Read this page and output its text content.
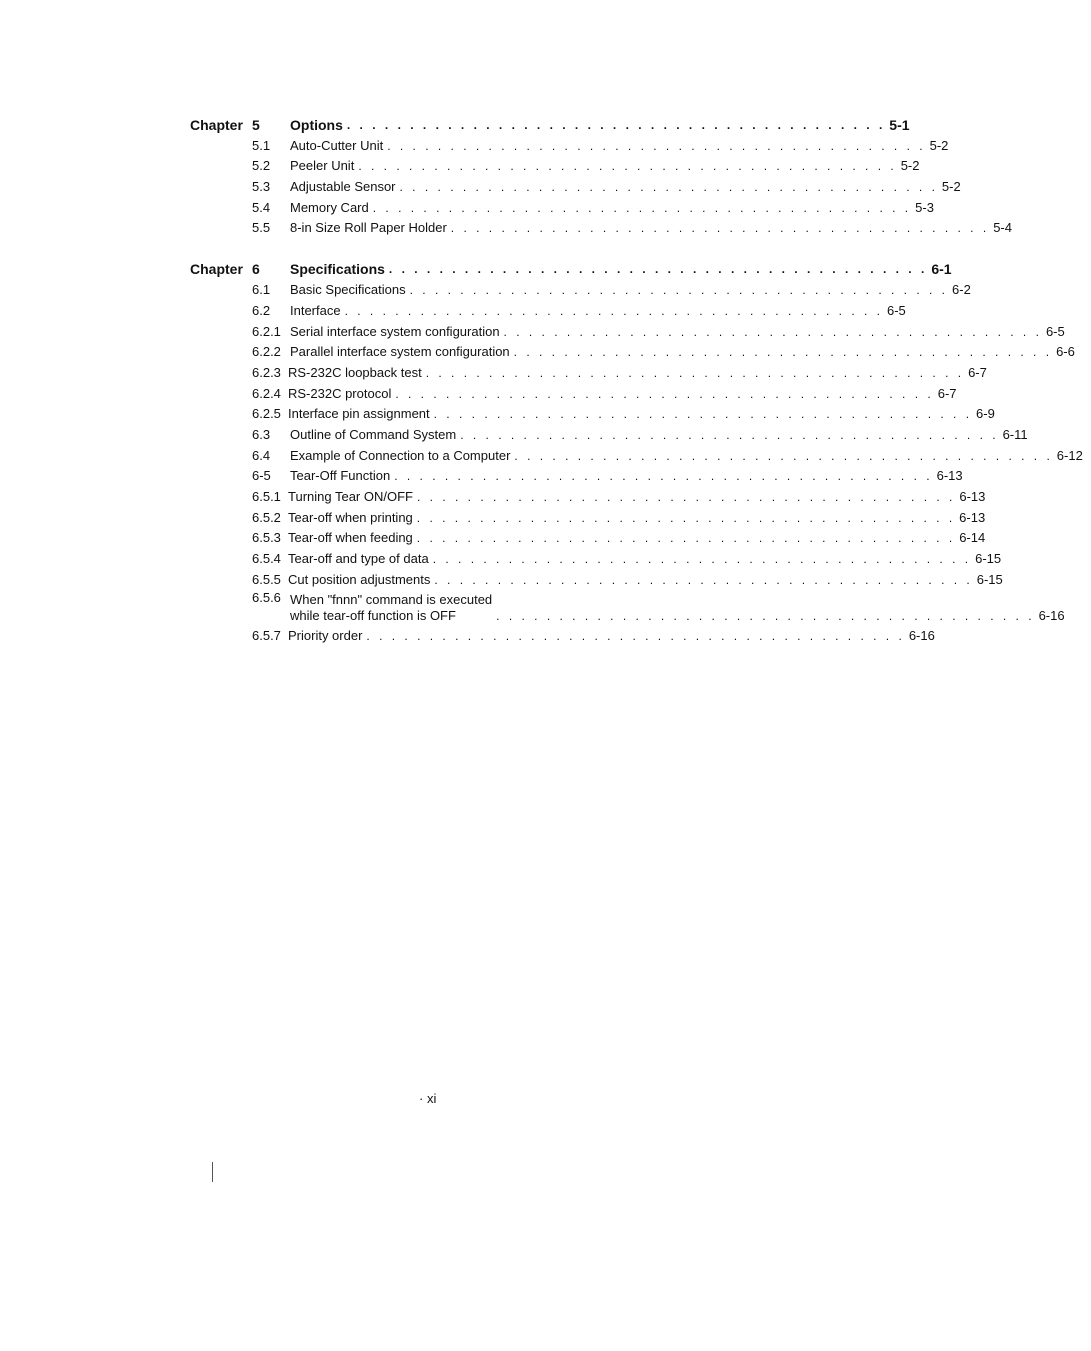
Chapter 5	Options . . . . . . . . . . . . . . . . . . . . . . . . . . . . . . . . . . . . . . . . . . . 5-1
5.1	Auto-Cutter Unit . . . . . . . . . . . . . . . . . . . . . . . . . . . . . . . . . . . . . . . . . . . 5-2
5.2	Peeler Unit . . . . . . . . . . . . . . . . . . . . . . . . . . . . . . . . . . . . . . . . . . . 5-2
5.3	Adjustable Sensor . . . . . . . . . . . . . . . . . . . . . . . . . . . . . . . . . . . . . . . . . . . 5-2
5.4	Memory Card . . . . . . . . . . . . . . . . . . . . . . . . . . . . . . . . . . . . . . . . . . . 5-3
5.5	8-in Size Roll Paper Holder . . . . . . . . . . . . . . . . . . . . . . . . . . . . . . . . . . . . . . . . . . . 5-4
Chapter 6	Specifications . . . . . . . . . . . . . . . . . . . . . . . . . . . . . . . . . . . . . . . . . . . 6-1
6.1	Basic Specifications . . . . . . . . . . . . . . . . . . . . . . . . . . . . . . . . . . . . . . . . . . . 6-2
6.2	Interface . . . . . . . . . . . . . . . . . . . . . . . . . . . . . . . . . . . . . . . . . . . 6-5
6.2.1 Serial interface system configuration . . . . . . . . . . . . . . . . . . . . . . . . . . . . . . . . . . . . . . . . . . . 6-5
6.2.2 Parallel interface system configuration . . . . . . . . . . . . . . . . . . . . . . . . . . . . . . . . . . . . . . . . . . . 6-6
6.2.3 RS-232C loopback test . . . . . . . . . . . . . . . . . . . . . . . . . . . . . . . . . . . . . . . . . . . 6-7
6.2.4 RS-232C protocol . . . . . . . . . . . . . . . . . . . . . . . . . . . . . . . . . . . . . . . . . . . 6-7
6.2.5 Interface pin assignment . . . . . . . . . . . . . . . . . . . . . . . . . . . . . . . . . . . . . . . . . . . 6-9
6.3	Outline of Command System . . . . . . . . . . . . . . . . . . . . . . . . . . . . . . . . . . . . . . . . . . . 6-11
6.4	Example of Connection to a Computer . . . . . . . . . . . . . . . . . . . . . . . . . . . . . . . . . . . . . . . . . . . 6-12
6-5	Tear-Off Function . . . . . . . . . . . . . . . . . . . . . . . . . . . . . . . . . . . . . . . . . . . 6-13
6.5.1 Turning Tear ON/OFF . . . . . . . . . . . . . . . . . . . . . . . . . . . . . . . . . . . . . . . . . . . 6-13
6.5.2 Tear-off when printing . . . . . . . . . . . . . . . . . . . . . . . . . . . . . . . . . . . . . . . . . . . 6-13
6.5.3 Tear-off when feeding . . . . . . . . . . . . . . . . . . . . . . . . . . . . . . . . . . . . . . . . . . . 6-14
6.5.4 Tear-off and type of data . . . . . . . . . . . . . . . . . . . . . . . . . . . . . . . . . . . . . . . . . . . 6-15
6.5.5 Cut position adjustments . . . . . . . . . . . . . . . . . . . . . . . . . . . . . . . . . . . . . . . . . . . 6-15
6.5.6 When "fnnn" command is executed
while tear-off function is OFF	. . . . . . . . . . . . . . . . . . . . . . . . . . . . . . . . . . . . . . . . . . . 6-16
6.5.7 Priority order . . . . . . . . . . . . . . . . . . . . . . . . . . . . . . . . . . . . . . . . . . . 6-16
· xi
